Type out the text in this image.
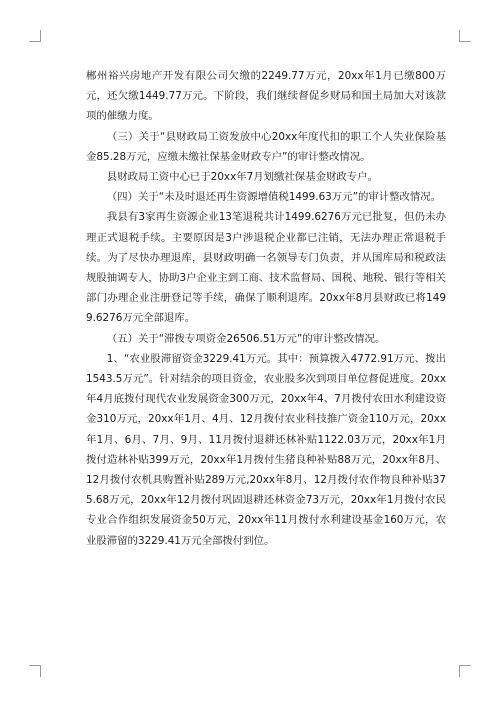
郴州裕兴房地产开发有限公司欠缴的2249.77万元，20xx年1月已缴800万元，还欠缴1449.77万元。下阶段，我们继续督促乡财局和国土局加大对该款项的催缴力度。

（三）关于“县财政局工资发放中心20xx年度代扣的职工个人失业保险基金85.28万元，应缴未缴社保基金财政专户”的审计整改情况。

县财政局工资中心已于20xx年7月划缴社保基金财政专户。

（四）关于“未及时退还再生资源增值税1499.63万元”的审计整改情况。

我县有3家再生资源企业13笔退税共计1499.6276万元已批复，但仍未办理正式退税手续。主要原因是3户涉退税企业都已注销，无法办理正常退税手续。为了尽快办理退库，县财政明确一名领导专门负责，并从国库局和税政法规股抽调专人，协助3户企业主到工商、技术监督局、国税、地税、银行等相关部门办理企业注册登记等手续，确保了顺利退库。20xx年8月县财政已将1499.6276万元全部退库。

（五）关于“滞拨专项资金26506.51万元”的审计整改情况。

1、“农业股滞留资金3229.41万元。其中：预算拨入4772.91万元、拨出1543.5万元”。针对结余的项目资金，农业股多次到项目单位督促进度。20xx年4月底拨付现代农业发展资金300万元，20xx年4、7月拨付农田水利建设资金310万元，20xx年1月、4月、12月拨付农业科技推广资金110万元，20xx年1月、6月、7月、9月、11月拨付退耕还林补贴1122.03万元，20xx年1月拨付造林补贴399万元，20xx年1月拨付生猪良种补贴88万元，20xx年8月、12月拨付农机具购置补贴289万元,20xx年8月、12月拨付农作物良种补贴375.68万元，20xx年12月拨付巩固退耕还林资金73万元，20xx年1月拨付农民专业合作组织发展资金50万元，20xx年11月拨付水利建设基金160万元，农业股滞留的3229.41万元全部拨付到位。
